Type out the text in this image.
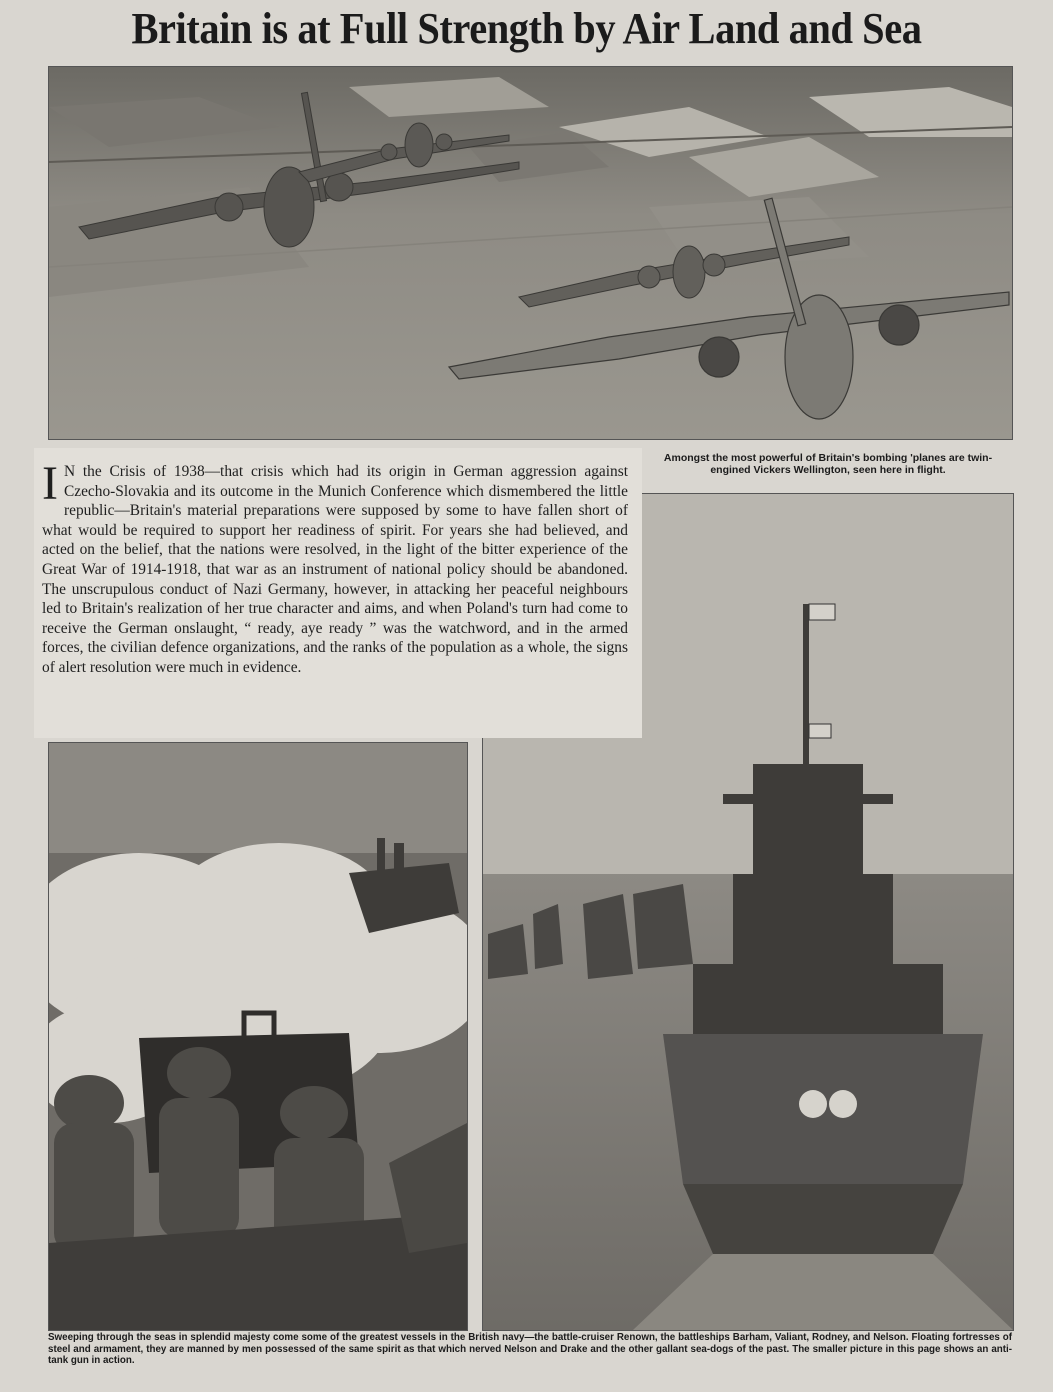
Britain is at Full Strength by Air Land and Sea
I N the Crisis of 1938—that crisis which had its origin in German aggression against Czecho-Slovakia and its outcome in the Munich Conference which dismembered the little republic—Britain's material preparations were supposed by some to have fallen short of what would be required to support her readiness of spirit. For years she had believed, and acted on the belief, that the nations were resolved, in the light of the bitter experience of the Great War of 1914-1918, that war as an instrument of national policy should be abandoned. The unscrupulous conduct of Nazi Germany, however, in attacking her peaceful neighbours led to Britain's realization of her true character and aims, and when Poland's turn had come to receive the German onslaught, “ ready, aye ready ” was the watchword, and in the armed forces, the civilian defence organizations, and the ranks of the population as a whole, the signs of alert resolution were much in evidence.
Amongst the most powerful of Britain's bombing 'planes are twin-engined Vickers Wellington, seen here in flight.
Sweeping through the seas in splendid majesty come some of the greatest vessels in the British navy—the battle-cruiser Renown, the battleships Barham, Valiant, Rodney, and Nelson. Floating fortresses of steel and armament, they are manned by men possessed of the same spirit as that which nerved Nelson and Drake and the other gallant sea-dogs of the past. The smaller picture in this page shows an anti-tank gun in action.
